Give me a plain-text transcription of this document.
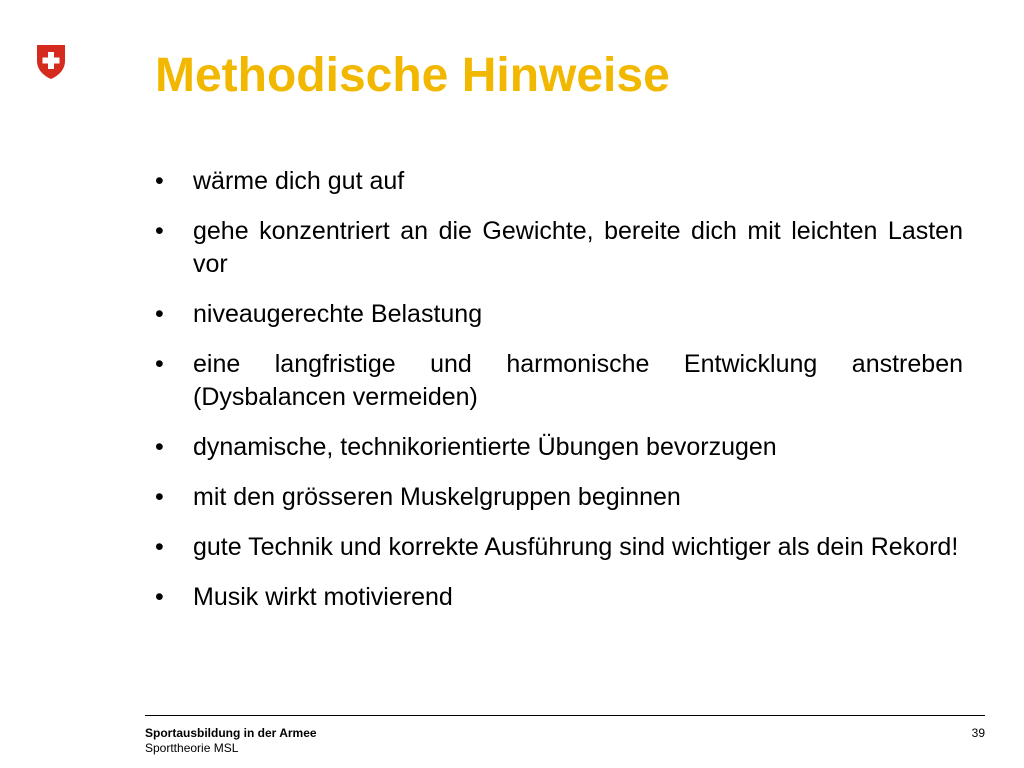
Methodische Hinweise
• wärme dich gut auf
• gehe konzentriert an die Gewichte, bereite dich mit leichten Lasten vor
• niveaugerechte Belastung
• eine langfristige und harmonische Entwicklung anstreben (Dysbalancen vermeiden)
• dynamische, technikorientierte Übungen bevorzugen
• mit den grösseren Muskelgruppen beginnen
• gute Technik und korrekte Ausführung sind wichtiger als dein Rekord!
• Musik wirkt motivierend
Sportausbildung in der Armee
Sporttheorie MSL
39
